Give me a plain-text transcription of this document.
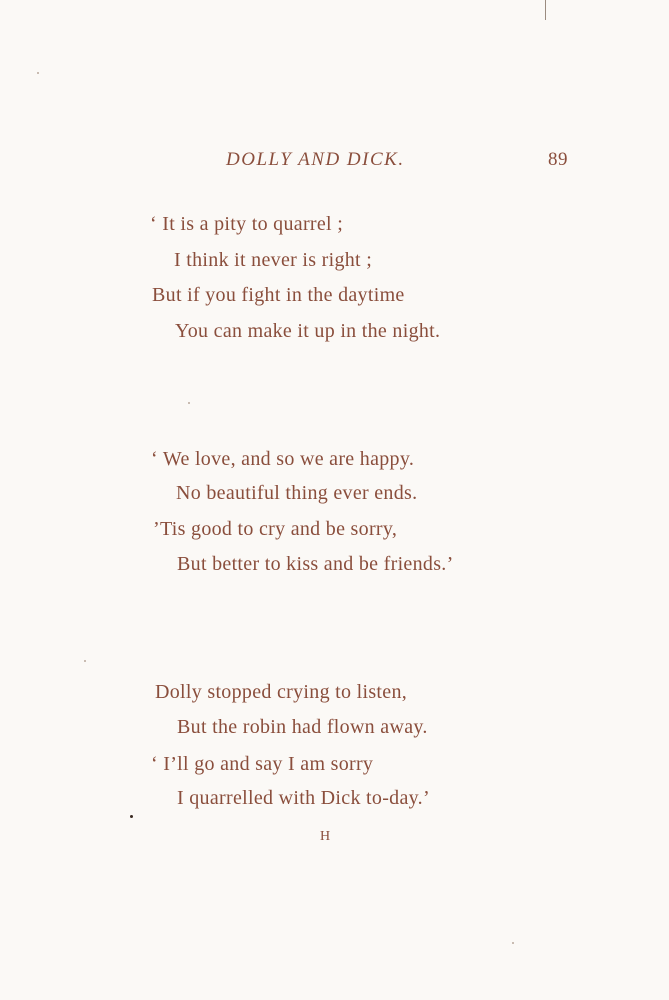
DOLLY AND DICK.	89
‘ It is a pity to quarrel ;
I think it never is right ;
But if you fight in the daytime
You can make it up in the night.
‘ We love, and so we are happy.
No beautiful thing ever ends.
’Tis good to cry and be sorry,
But better to kiss and be friends.’
Dolly stopped crying to listen,
But the robin had flown away.
‘ I’ll go and say I am sorry
I quarrelled with Dick to-day.’
H
